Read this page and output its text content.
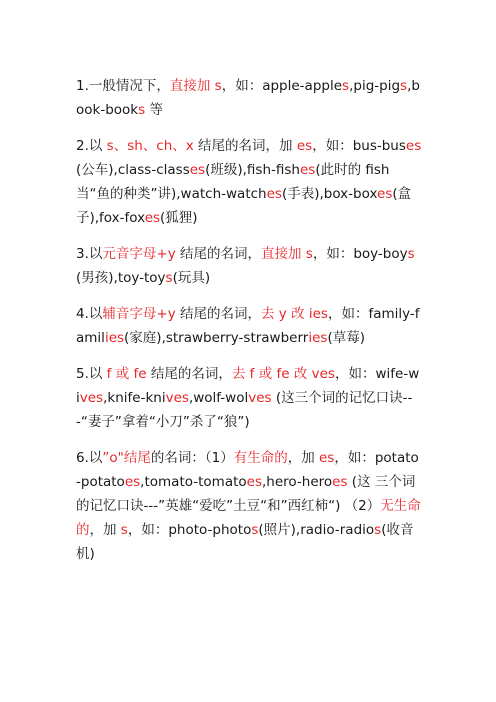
1.一般情况下，直接加 s，如：apple-apples,pig-pigs,book-books 等
2.以 s、sh、ch、x 结尾的名词，加 es，如：bus-buses(公车),class-classes(班级),fish-fishes(此时的 fish 当“鱼的种类”讲),watch-watches(手表),box-boxes(盒子),fox-foxes(狐狸)
3.以元音字母+y 结尾的名词，直接加 s，如：boy-boys(男孩),toy-toys(玩具)
4.以辅音字母+y 结尾的名词，去 y 改 ies，如：family-families(家庭),strawberry-strawberries(草莓)
5.以 f 或 fe 结尾的名词，去 f 或 fe 改 ves，如：wife-wives,knife-knives,wolf-wolves (这三个词的记忆口诀---“妻子”拿着“小刀”杀了“狼”)
6.以”o"结尾的名词：（1）有生命的，加 es，如：potato-potatoes,tomato-tomatoes,hero-heroes (这 三个词的记忆口诀---”英雄“爱吃”土豆“和”西红柿“) （2）无生命的，加 s，如：photo-photos(照片),radio-radios(收音机)
